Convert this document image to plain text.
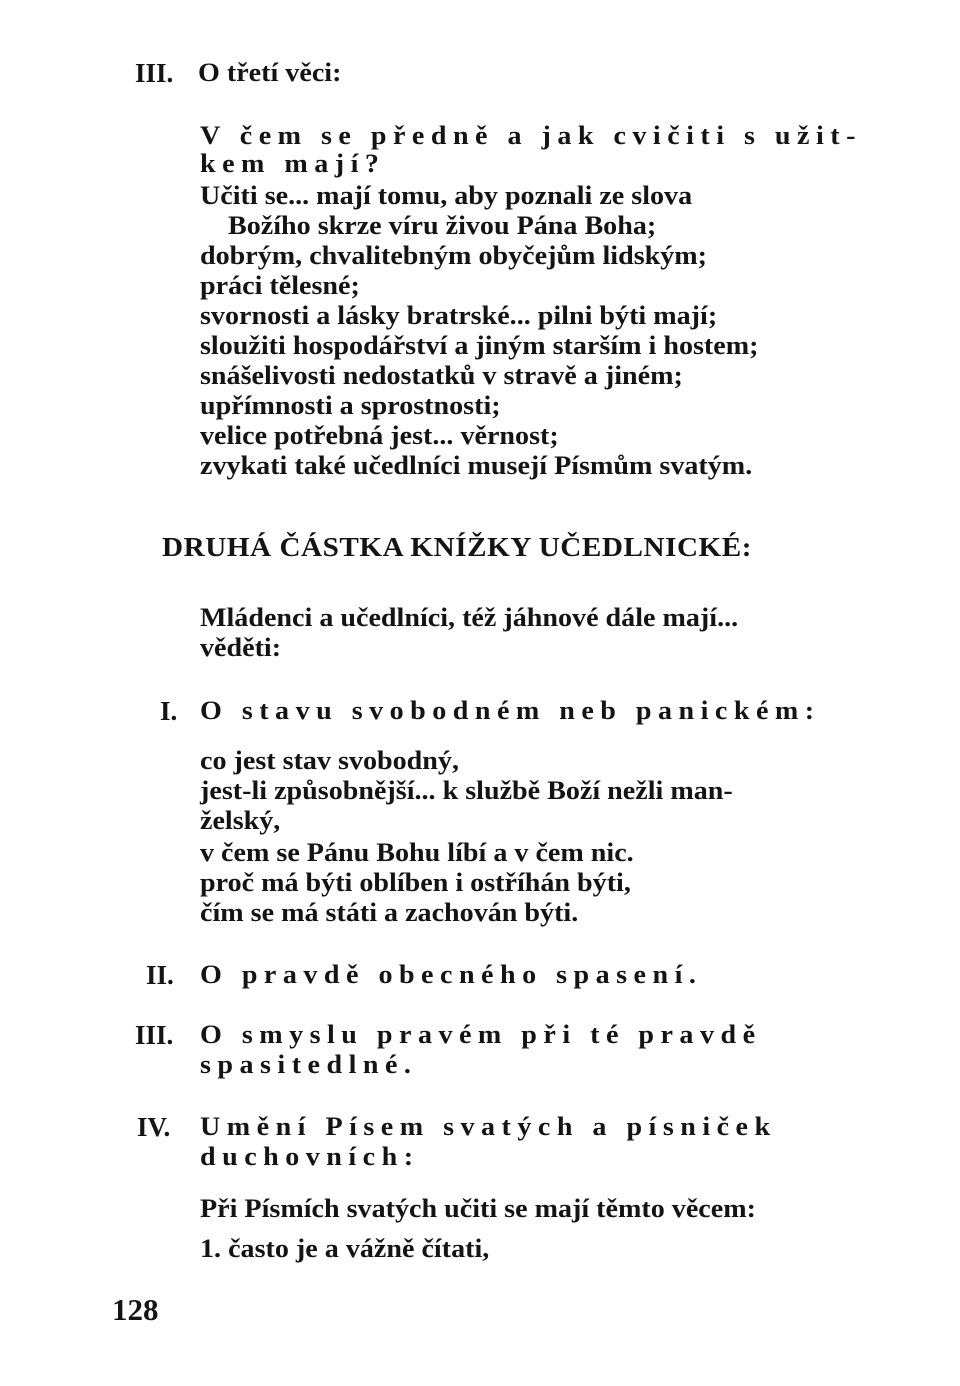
III. O třetí věci:
V čem se předně a jak cvičiti s užit-
kem mají?
Učiti se... mají tomu, aby poznali ze slova
Božího skrze víru živou Pána Boha;
dobrým, chvalitebným obyčejům lidským;
práci tělesné;
svornosti a lásky bratrské... pilni býti mají;
sloužiti hospodářství a jiným starším i hostem;
snášelivosti nedostatků v stravě a jiném;
upřímnosti a sprostnosti;
velice potřebná jest... věrnost;
zvykati také učedlníci musejí Písmům svatým.
DRUHÁ ČÁSTKA KNÍŽKY UČEDLNICKÉ:
Mládenci a učedlníci, též jáhnové dále mají...
věděti:
I. O stavu svobodném neb panickém:
co jest stav svobodný,
jest-li způsobnější... k službě Boží nežli man-
želský,
v čem se Pánu Bohu líbí a v čem nic.
proč má býti oblíben i ostříhán býti,
čím se má státi a zachován býti.
II. O pravdě obecného spasení.
III. O smyslu pravém při té pravdě
spasitedlné.
IV. Umění Písem svatých a písniček
duchovních:
Při Písmích svatých učiti se mají těmto věcem:
1. často je a vážně čítati,
128
